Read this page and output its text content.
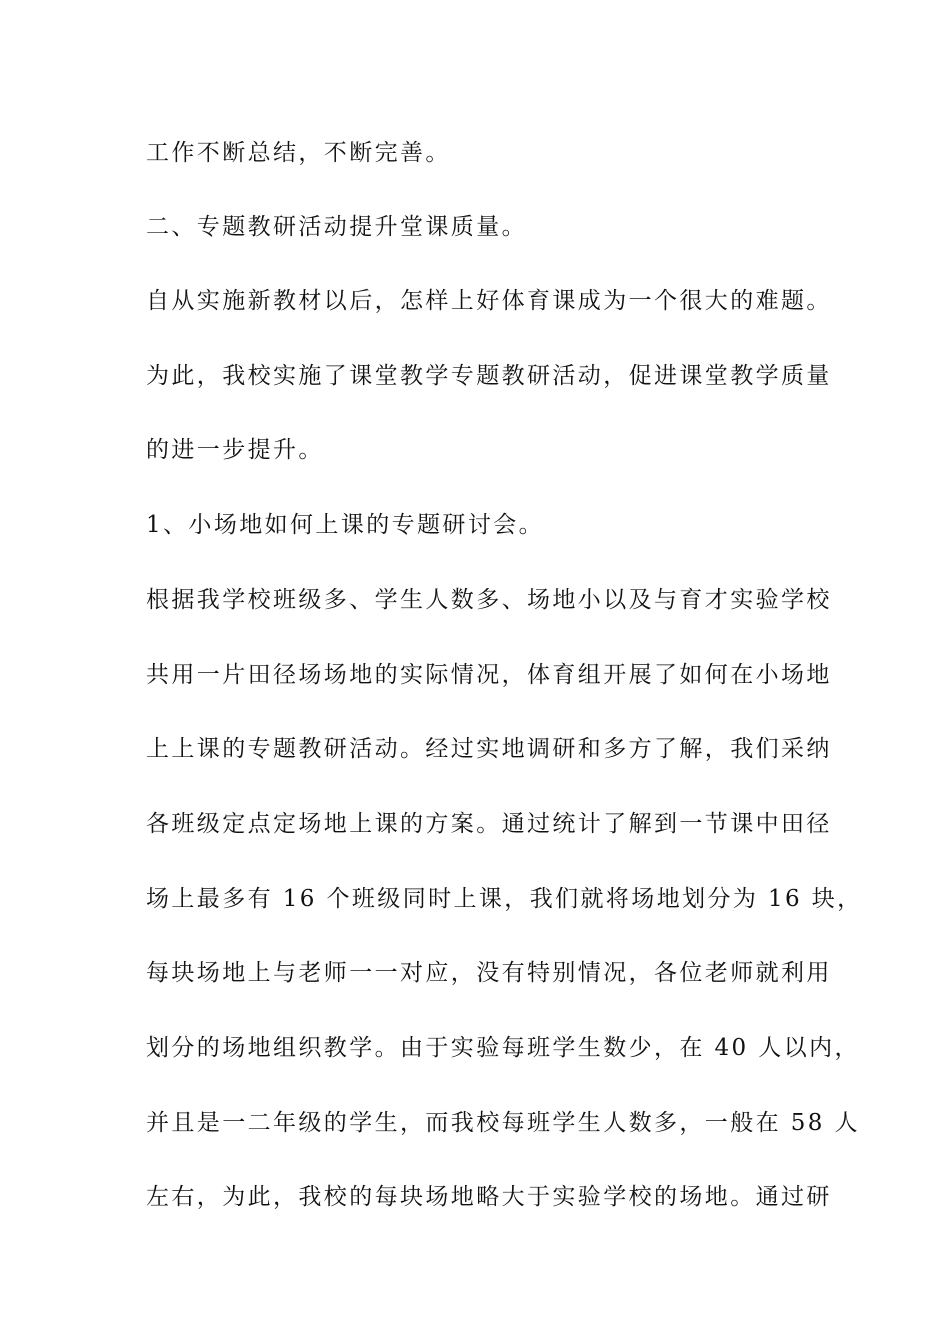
工作不断总结，不断完善。
二、专题教研活动提升堂课质量。
自从实施新教材以后，怎样上好体育课成为一个很大的难题。
为此，我校实施了课堂教学专题教研活动，促进课堂教学质量
的进一步提升。
1、小场地如何上课的专题研讨会。
根据我学校班级多、学生人数多、场地小以及与育才实验学校
共用一片田径场场地的实际情况，体育组开展了如何在小场地
上上课的专题教研活动。经过实地调研和多方了解，我们采纳
各班级定点定场地上课的方案。通过统计了解到一节课中田径
场上最多有 16 个班级同时上课，我们就将场地划分为 16 块，
每块场地上与老师一一对应，没有特别情况，各位老师就利用
划分的场地组织教学。由于实验每班学生数少，在 40 人以内，
并且是一二年级的学生，而我校每班学生人数多，一般在 58 人
左右，为此，我校的每块场地略大于实验学校的场地。通过研
